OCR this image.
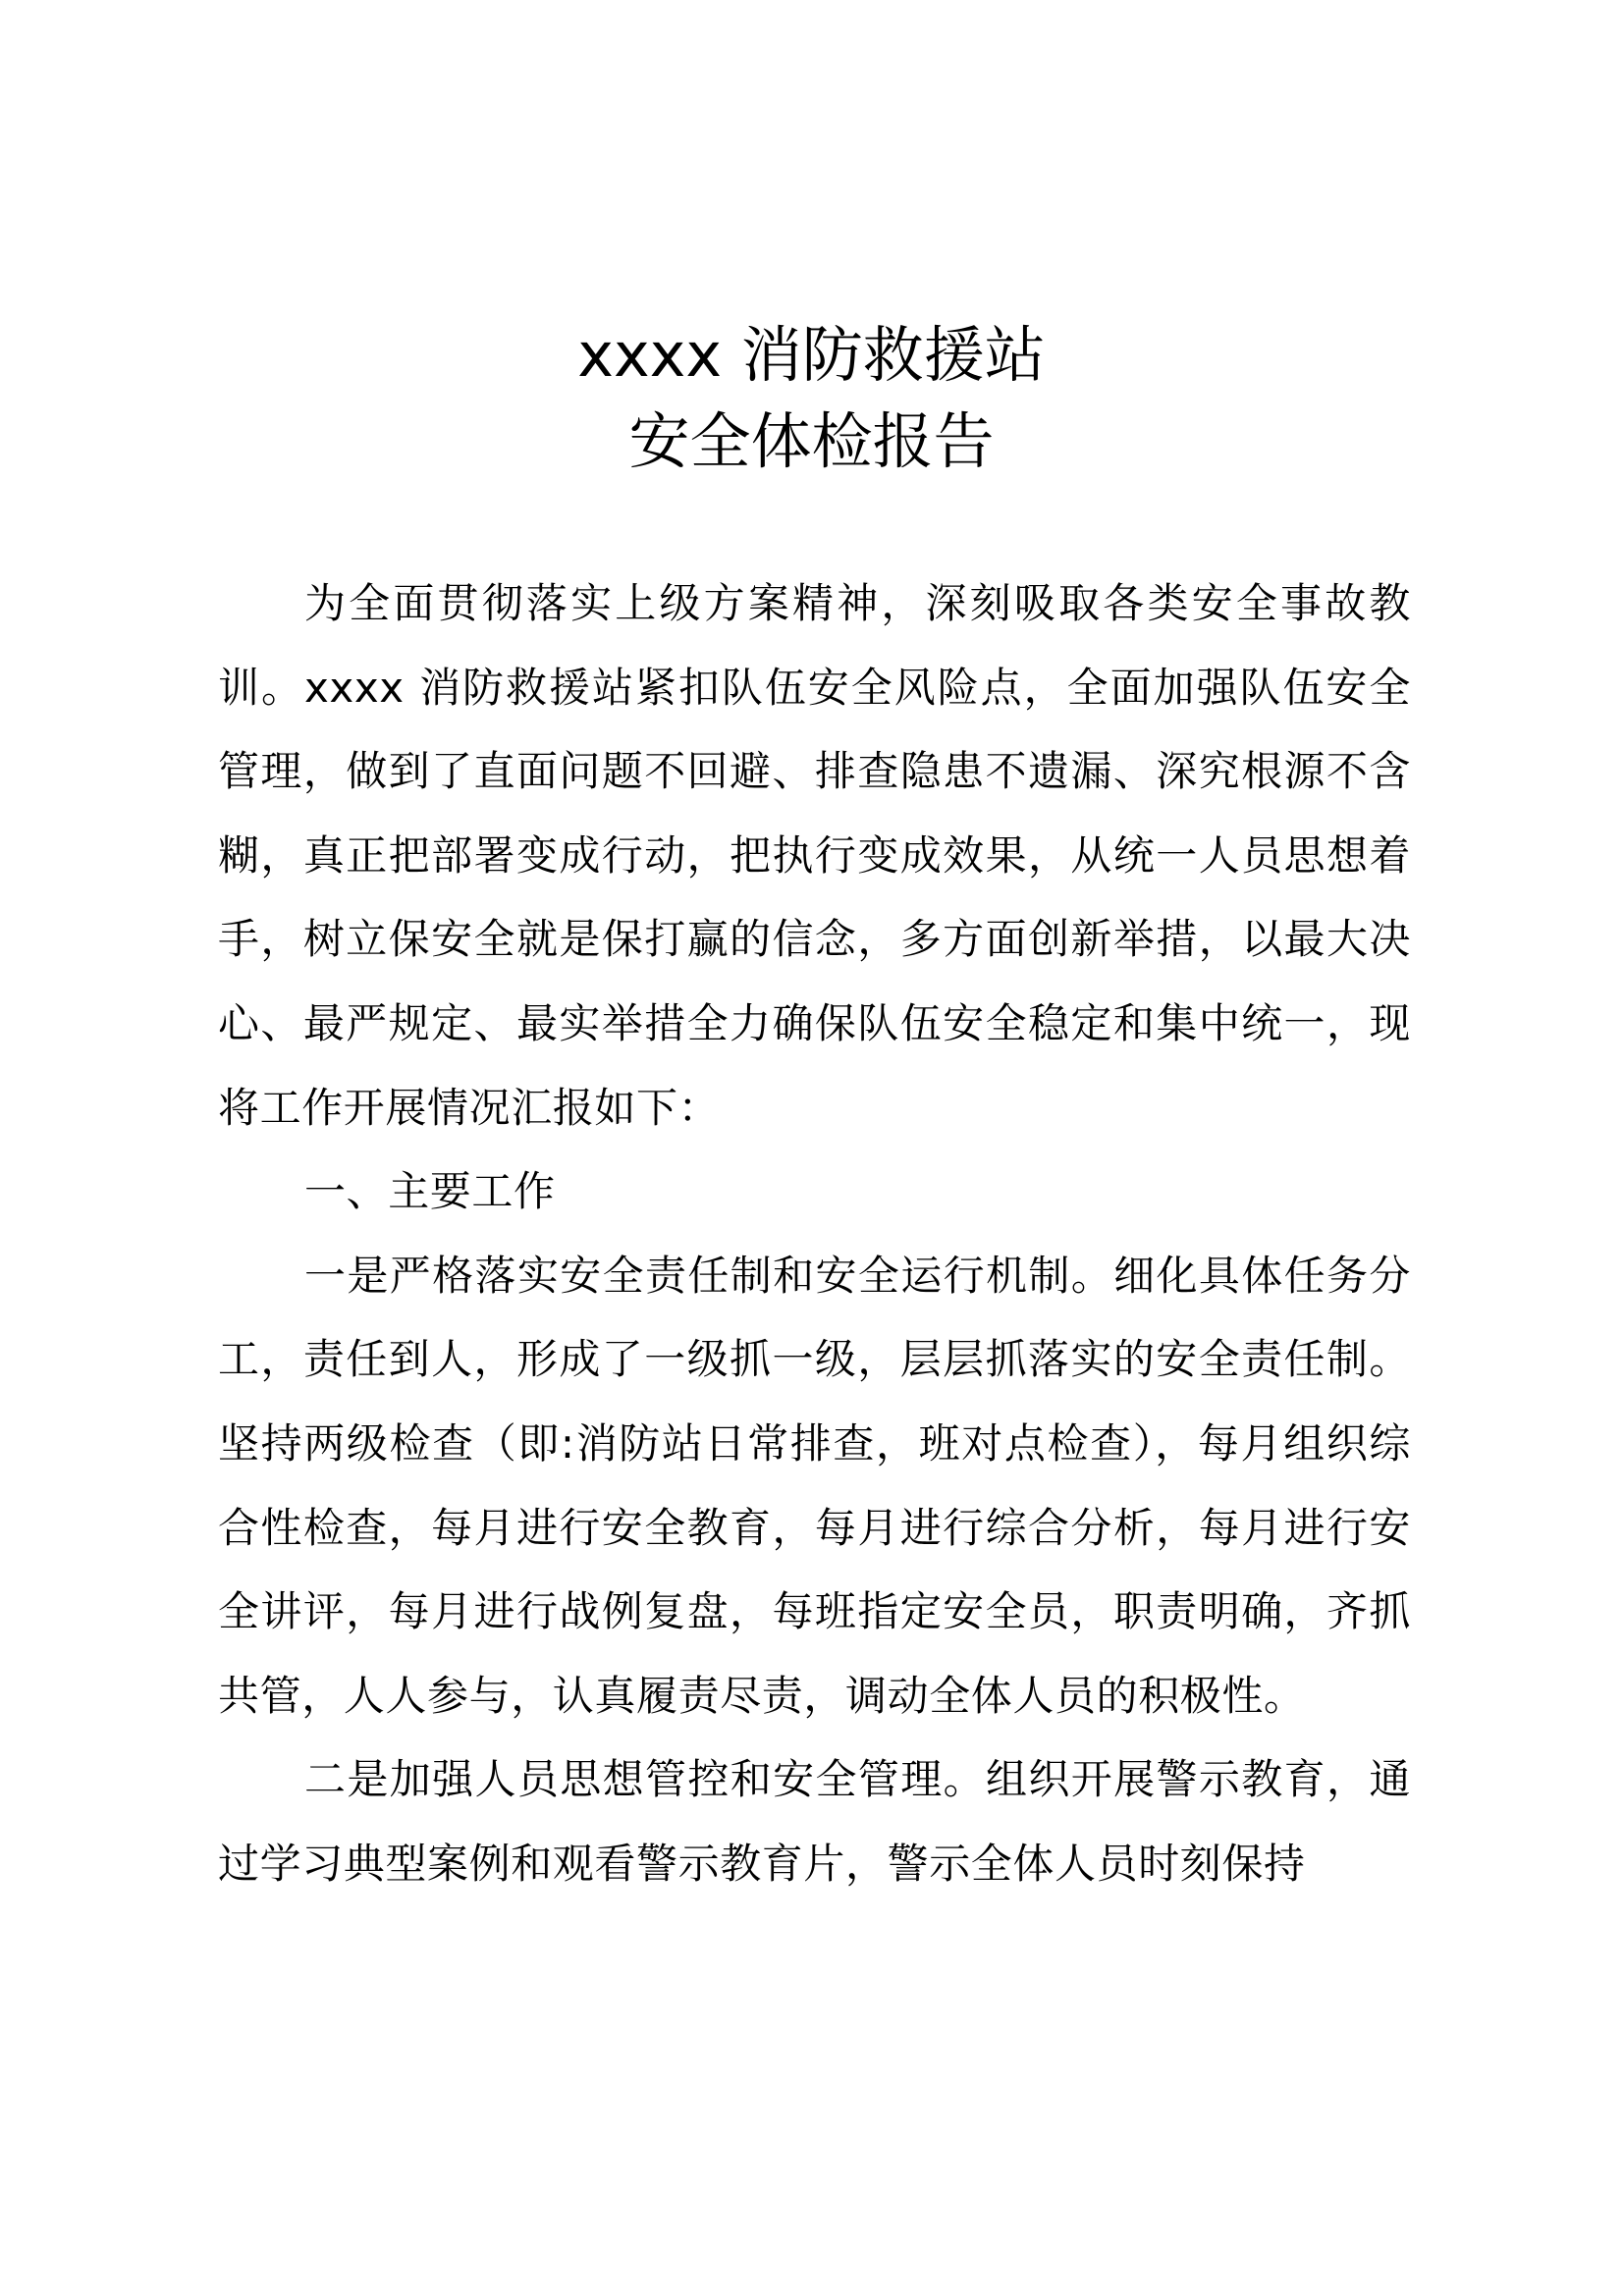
xxxx 消防救援站
安全体检报告

为全面贯彻落实上级方案精神，深刻吸取各类安全事故教训。xxxx 消防救援站紧扣队伍安全风险点，全面加强队伍安全管理，做到了直面问题不回避、排查隐患不遗漏、深究根源不含糊，真正把部署变成行动，把执行变成效果，从统一人员思想着手，树立保安全就是保打赢的信念，多方面创新举措，以最大决心、最严规定、最实举措全力确保队伍安全稳定和集中统一，现将工作开展情况汇报如下：

一、主要工作

一是严格落实安全责任制和安全运行机制。细化具体任务分工，责任到人，形成了一级抓一级，层层抓落实的安全责任制。坚持两级检查（即:消防站日常排查，班对点检查），每月组织综合性检查，每月进行安全教育，每月进行综合分析，每月进行安全讲评，每月进行战例复盘，每班指定安全员，职责明确，齐抓共管，人人参与，认真履责尽责，调动全体人员的积极性。

二是加强人员思想管控和安全管理。组织开展警示教育，通过学习典型案例和观看警示教育片，警示全体人员时刻保持
